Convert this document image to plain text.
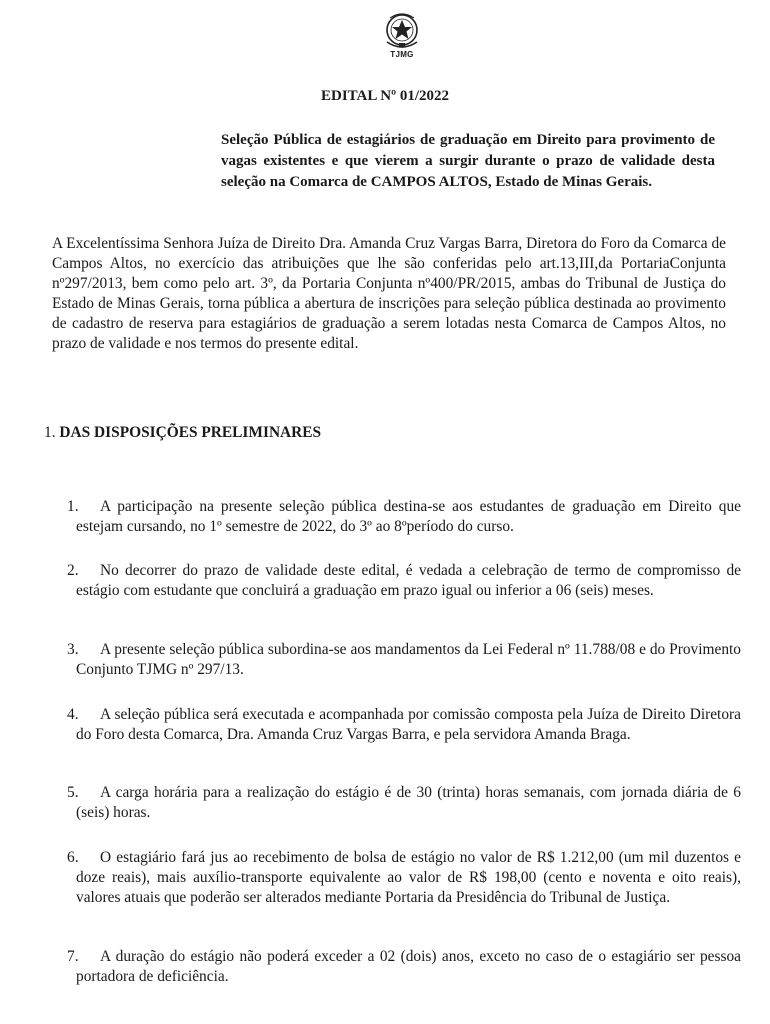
TJMG
EDITAL Nº 01/2022
Seleção Pública de estagiários de graduação em Direito para provimento de vagas existentes e que vierem a surgir durante o prazo de validade desta seleção na Comarca de CAMPOS ALTOS, Estado de Minas Gerais.
A Excelentíssima Senhora Juíza de Direito Dra. Amanda Cruz Vargas Barra, Diretora do Foro da Comarca de Campos Altos, no exercício das atribuições que lhe são conferidas pelo art.13,III,da PortariaConjunta nº297/2013, bem como pelo art. 3º, da Portaria Conjunta nº400/PR/2015, ambas do Tribunal de Justiça do Estado de Minas Gerais, torna pública a abertura de inscrições para seleção pública destinada ao provimento de cadastro de reserva para estagiários de graduação a serem lotadas nesta Comarca de Campos Altos, no prazo de validade e nos termos do presente edital.
1. DAS DISPOSIÇÕES PRELIMINARES
1. A participação na presente seleção pública destina-se aos estudantes de graduação em Direito que estejam cursando, no 1º semestre de 2022, do 3º ao 8ºperíodo do curso.
2. No decorrer do prazo de validade deste edital, é vedada a celebração de termo de compromisso de estágio com estudante que concluirá a graduação em prazo igual ou inferior a 06 (seis) meses.
3. A presente seleção pública subordina-se aos mandamentos da Lei Federal nº 11.788/08 e do Provimento Conjunto TJMG nº 297/13.
4. A seleção pública será executada e acompanhada por comissão composta pela Juíza de Direito Diretora do Foro desta Comarca, Dra. Amanda Cruz Vargas Barra, e pela servidora Amanda Braga.
5. A carga horária para a realização do estágio é de 30 (trinta) horas semanais, com jornada diária de 6 (seis) horas.
6. O estagiário fará jus ao recebimento de bolsa de estágio no valor de R$ 1.212,00 (um mil duzentos e doze reais), mais auxílio-transporte equivalente ao valor de R$ 198,00 (cento e noventa e oito reais), valores atuais que poderão ser alterados mediante Portaria da Presidência do Tribunal de Justiça.
7. A duração do estágio não poderá exceder a 02 (dois) anos, exceto no caso de o estagiário ser pessoa portadora de deficiência.
